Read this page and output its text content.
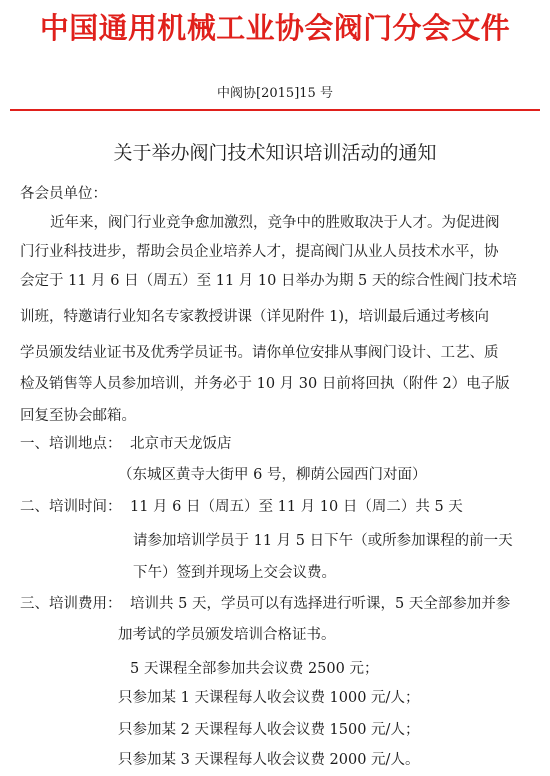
中国通用机械工业协会阀门分会文件
中阀协[2015]15 号
关于举办阀门技术知识培训活动的通知
各会员单位：
近年来，阀门行业竞争愈加激烈，竞争中的胜败取决于人才。为促进阀
门行业科技进步，帮助会员企业培养人才，提高阀门从业人员技术水平，协
会定于 11 月 6 日（周五）至 11 月 10 日举办为期 5 天的综合性阀门技术培
训班，特邀请行业知名专家教授讲课（详见附件 1)，培训最后通过考核向
学员颁发结业证书及优秀学员证书。请你单位安排从事阀门设计、工艺、质
检及销售等人员参加培训，并务必于 10 月 30 日前将回执（附件 2）电子版
回复至协会邮箱。
一、培训地点： 北京市天龙饭店
（东城区黄寺大街甲 6 号，柳荫公园西门对面）
二、培训时间： 11 月 6 日（周五）至 11 月 10 日（周二）共 5 天
请参加培训学员于 11 月 5 日下午（或所参加课程的前一天
下午）签到并现场上交会议费。
三、培训费用： 培训共 5 天，学员可以有选择进行听课，5 天全部参加并参
加考试的学员颁发培训合格证书。
5 天课程全部参加共会议费 2500 元；
只参加某 1 天课程每人收会议费 1000 元/人；
只参加某 2 天课程每人收会议费 1500 元/人；
只参加某 3 天课程每人收会议费 2000 元/人。
